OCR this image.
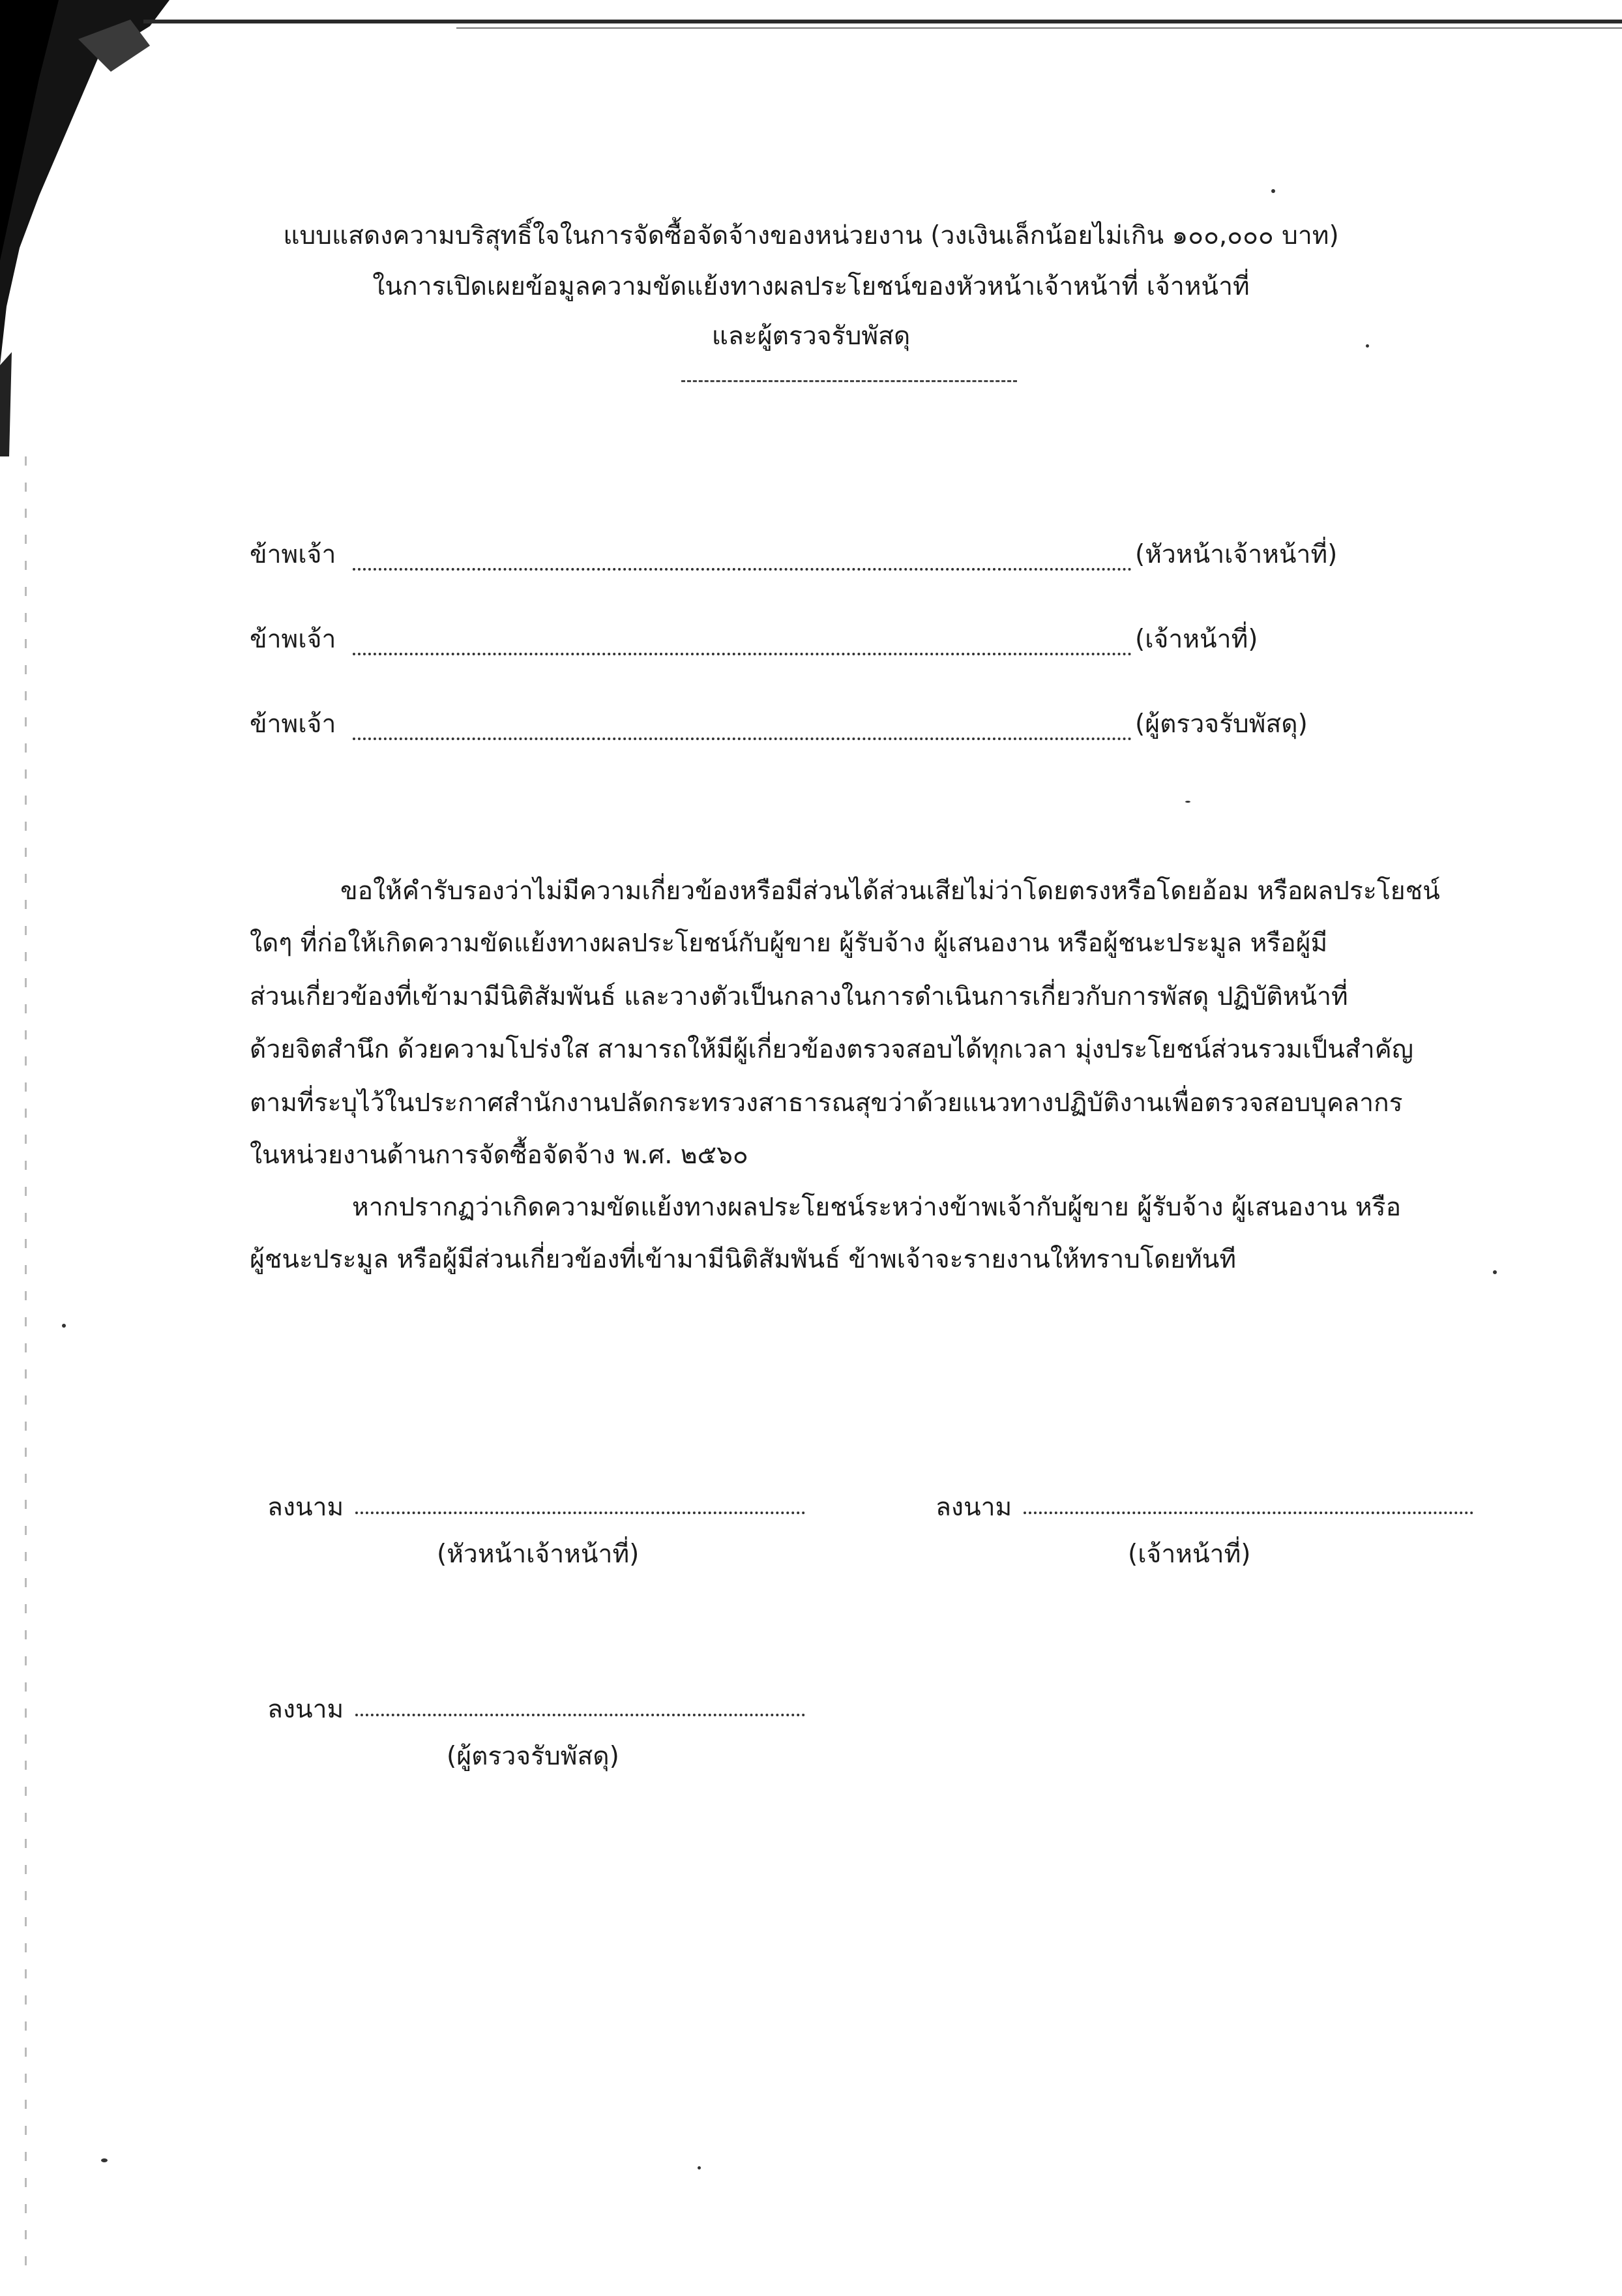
แบบแสดงความบริสุทธิ์ใจในการจัดซื้อจัดจ้างของหน่วยงาน (วงเงินเล็กน้อยไม่เกิน ๑๐๐,๐๐๐ บาท)
ในการเปิดเผยข้อมูลความขัดแย้งทางผลประโยชน์ของหัวหน้าเจ้าหน้าที่ เจ้าหน้าที่
และผู้ตรวจรับพัสดุ
ข้าพเจ้า	(หัวหน้าเจ้าหน้าที่)
ข้าพเจ้า	(เจ้าหน้าที่)
ข้าพเจ้า	(ผู้ตรวจรับพัสดุ)
ขอให้คำรับรองว่าไม่มีความเกี่ยวข้องหรือมีส่วนได้ส่วนเสียไม่ว่าโดยตรงหรือโดยอ้อม หรือผลประโยชน์
ใดๆ ที่ก่อให้เกิดความขัดแย้งทางผลประโยชน์กับผู้ขาย ผู้รับจ้าง ผู้เสนองาน หรือผู้ชนะประมูล หรือผู้มี
ส่วนเกี่ยวข้องที่เข้ามามีนิติสัมพันธ์ และวางตัวเป็นกลางในการดำเนินการเกี่ยวกับการพัสดุ ปฏิบัติหน้าที่
ด้วยจิตสำนึก ด้วยความโปร่งใส สามารถให้มีผู้เกี่ยวข้องตรวจสอบได้ทุกเวลา มุ่งประโยชน์ส่วนรวมเป็นสำคัญ
ตามที่ระบุไว้ในประกาศสำนักงานปลัดกระทรวงสาธารณสุขว่าด้วยแนวทางปฏิบัติงานเพื่อตรวจสอบบุคลากร
ในหน่วยงานด้านการจัดซื้อจัดจ้าง พ.ศ. ๒๕๖๐
หากปรากฏว่าเกิดความขัดแย้งทางผลประโยชน์ระหว่างข้าพเจ้ากับผู้ขาย ผู้รับจ้าง ผู้เสนองาน หรือ
ผู้ชนะประมูล หรือผู้มีส่วนเกี่ยวข้องที่เข้ามามีนิติสัมพันธ์ ข้าพเจ้าจะรายงานให้ทราบโดยทันที
ลงนาม
(หัวหน้าเจ้าหน้าที่)
ลงนาม
(เจ้าหน้าที่)
ลงนาม
(ผู้ตรวจรับพัสดุ)
